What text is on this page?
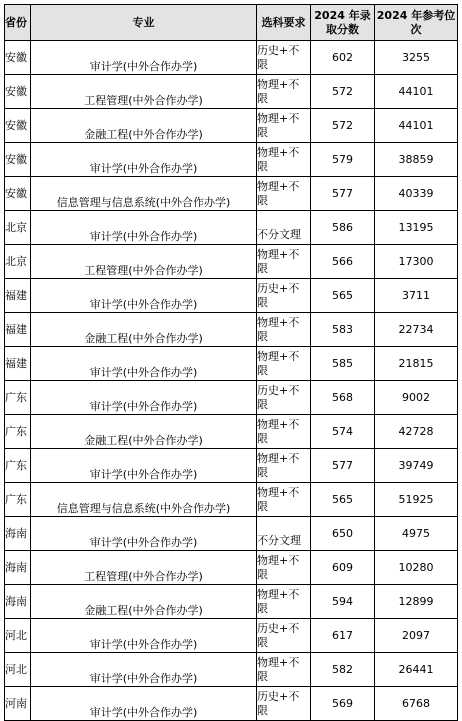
省份	专业	选科要求	2024 年录取分数	2024 年参考位次
安徽	审计学(中外合作办学)	历史+不限	602	3255
安徽	工程管理(中外合作办学)	物理+不限	572	44101
安徽	金融工程(中外合作办学)	物理+不限	572	44101
安徽	审计学(中外合作办学)	物理+不限	579	38859
安徽	信息管理与信息系统(中外合作办学)	物理+不限	577	40339
北京	审计学(中外合作办学)	不分文理	586	13195
北京	工程管理(中外合作办学)	物理+不限	566	17300
福建	审计学(中外合作办学)	历史+不限	565	3711
福建	金融工程(中外合作办学)	物理+不限	583	22734
福建	审计学(中外合作办学)	物理+不限	585	21815
广东	审计学(中外合作办学)	历史+不限	568	9002
广东	金融工程(中外合作办学)	物理+不限	574	42728
广东	审计学(中外合作办学)	物理+不限	577	39749
广东	信息管理与信息系统(中外合作办学)	物理+不限	565	51925
海南	审计学(中外合作办学)	不分文理	650	4975
海南	工程管理(中外合作办学)	物理+不限	609	10280
海南	金融工程(中外合作办学)	物理+不限	594	12899
河北	审计学(中外合作办学)	历史+不限	617	2097
河北	审计学(中外合作办学)	物理+不限	582	26441
河南	审计学(中外合作办学)	历史+不限	569	6768
